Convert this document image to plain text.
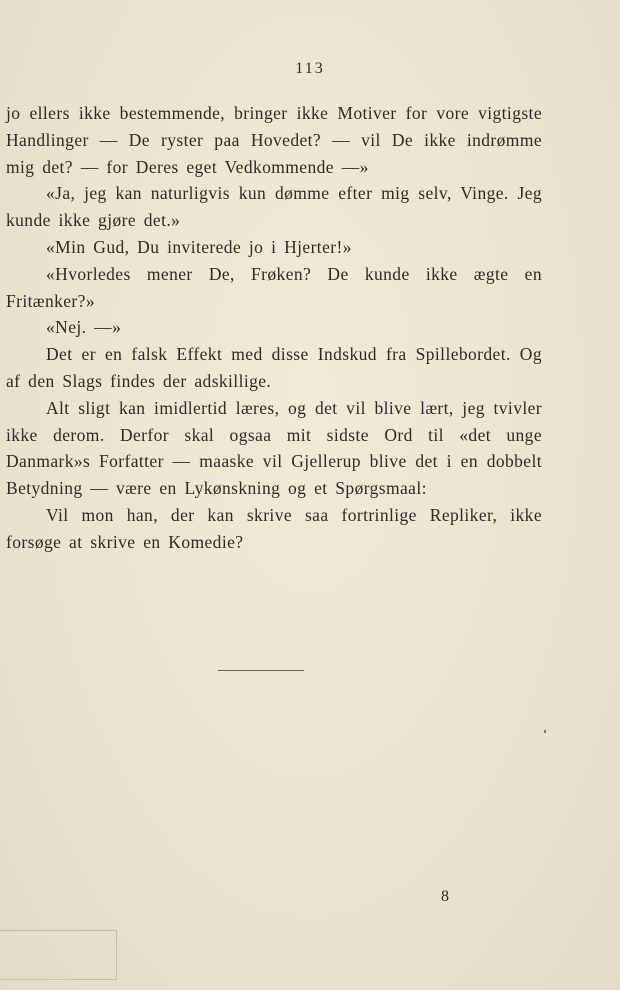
113

jo ellers ikke bestemmende, bringer ikke Motiver for vore vigtigste Handlinger — De ryster paa Hovedet? — vil De ikke indrømme mig det? — for Deres eget Vedkommende —»

«Ja, jeg kan naturligvis kun dømme efter mig selv, Vinge. Jeg kunde ikke gjøre det.»

«Min Gud, Du inviterede jo i Hjerter!»

«Hvorledes mener De, Frøken? De kunde ikke ægte en Fritænker?»

«Nej. —»

Det er en falsk Effekt med disse Indskud fra Spillebordet. Og af den Slags findes der adskillige.

Alt sligt kan imidlertid læres, og det vil blive lært, jeg tvivler ikke derom. Derfor skal ogsaa mit sidste Ord til «det unge Danmark»s Forfatter — maaske vil Gjellerup blive det i en dobbelt Betydning — være en Lykønskning og et Spørgsmaal:

Vil mon han, der kan skrive saa fortrinlige Repliker, ikke forsøge at skrive en Komedie?

8
